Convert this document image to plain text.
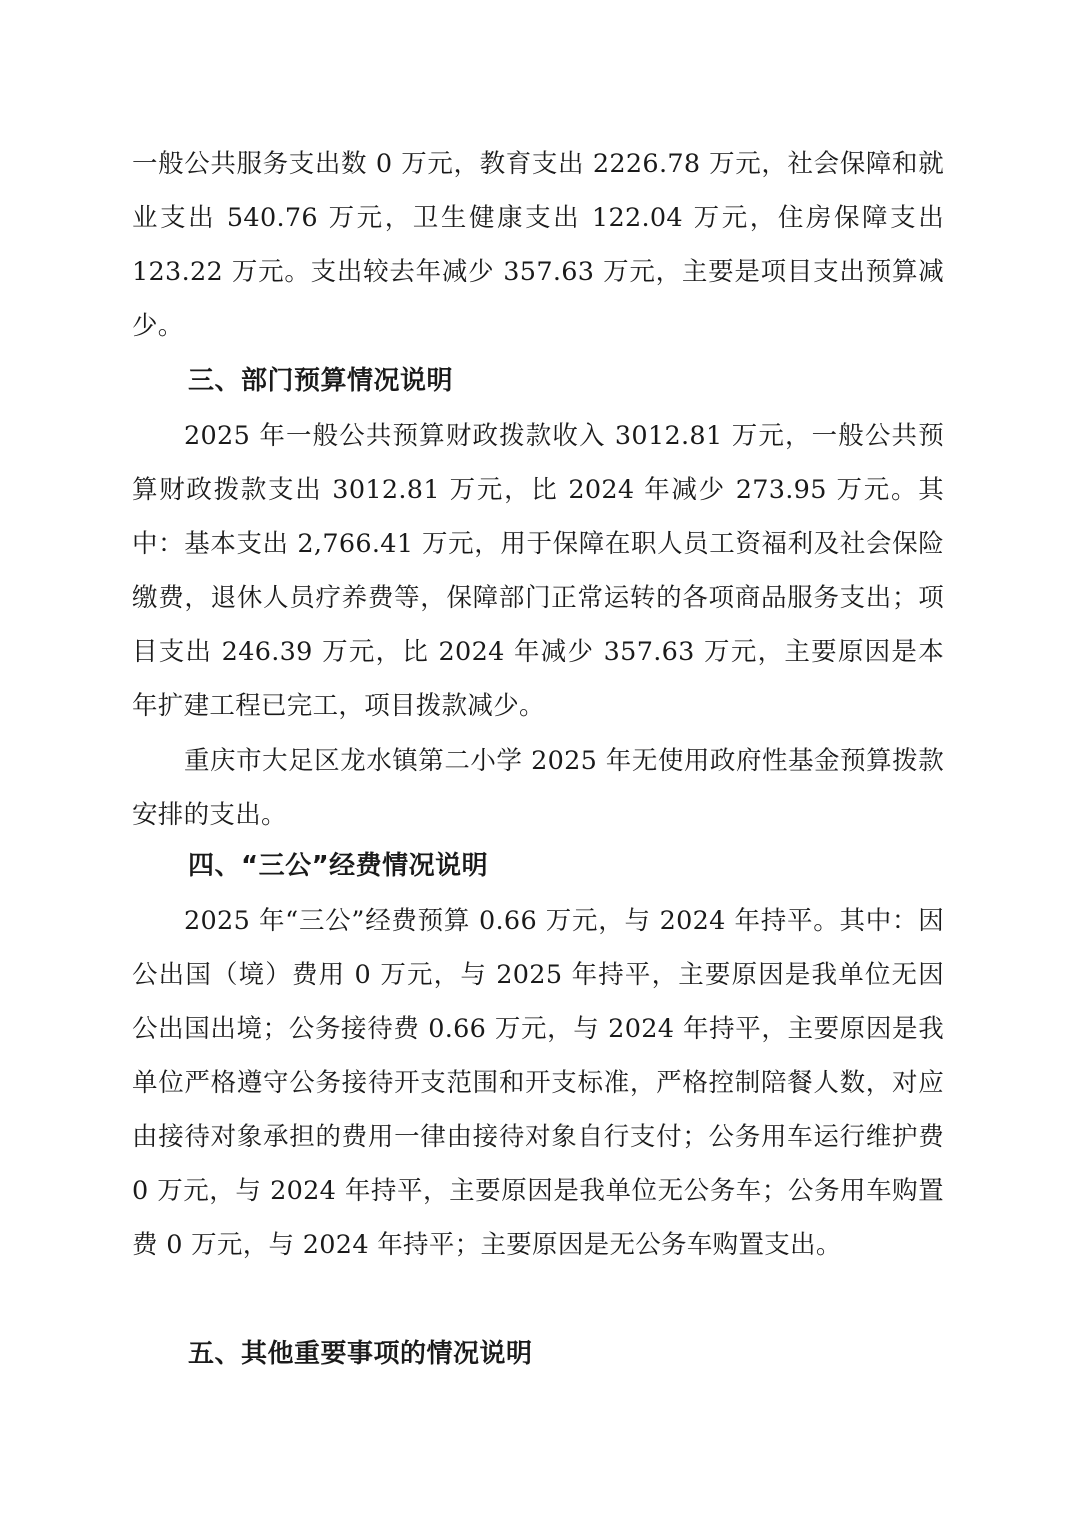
一般公共服务支出数 0 万元，教育支出 2226.78 万元，社会保障和就业支出 540.76 万元，卫生健康支出 122.04 万元，住房保障支出 123.22 万元。支出较去年减少 357.63 万元，主要是项目支出预算减少。

三、部门预算情况说明

2025 年一般公共预算财政拨款收入 3012.81 万元，一般公共预算财政拨款支出 3012.81 万元，比 2024 年减少 273.95 万元。其中：基本支出 2,766.41 万元，用于保障在职人员工资福利及社会保险缴费，退休人员疗养费等，保障部门正常运转的各项商品服务支出；项目支出 246.39 万元，比 2024 年减少 357.63 万元，主要原因是本年扩建工程已完工，项目拨款减少。

重庆市大足区龙水镇第二小学 2025 年无使用政府性基金预算拨款安排的支出。

四、“三公”经费情况说明

2025 年“三公”经费预算 0.66 万元，与 2024 年持平。其中：因公出国（境）费用 0 万元，与 2025 年持平，主要原因是我单位无因公出国出境；公务接待费 0.66 万元，与 2024 年持平，主要原因是我单位严格遵守公务接待开支范围和开支标准，严格控制陪餐人数，对应由接待对象承担的费用一律由接待对象自行支付；公务用车运行维护费 0 万元，与 2024 年持平，主要原因是我单位无公务车；公务用车购置费 0 万元，与 2024 年持平；主要原因是无公务车购置支出。

五、其他重要事项的情况说明
